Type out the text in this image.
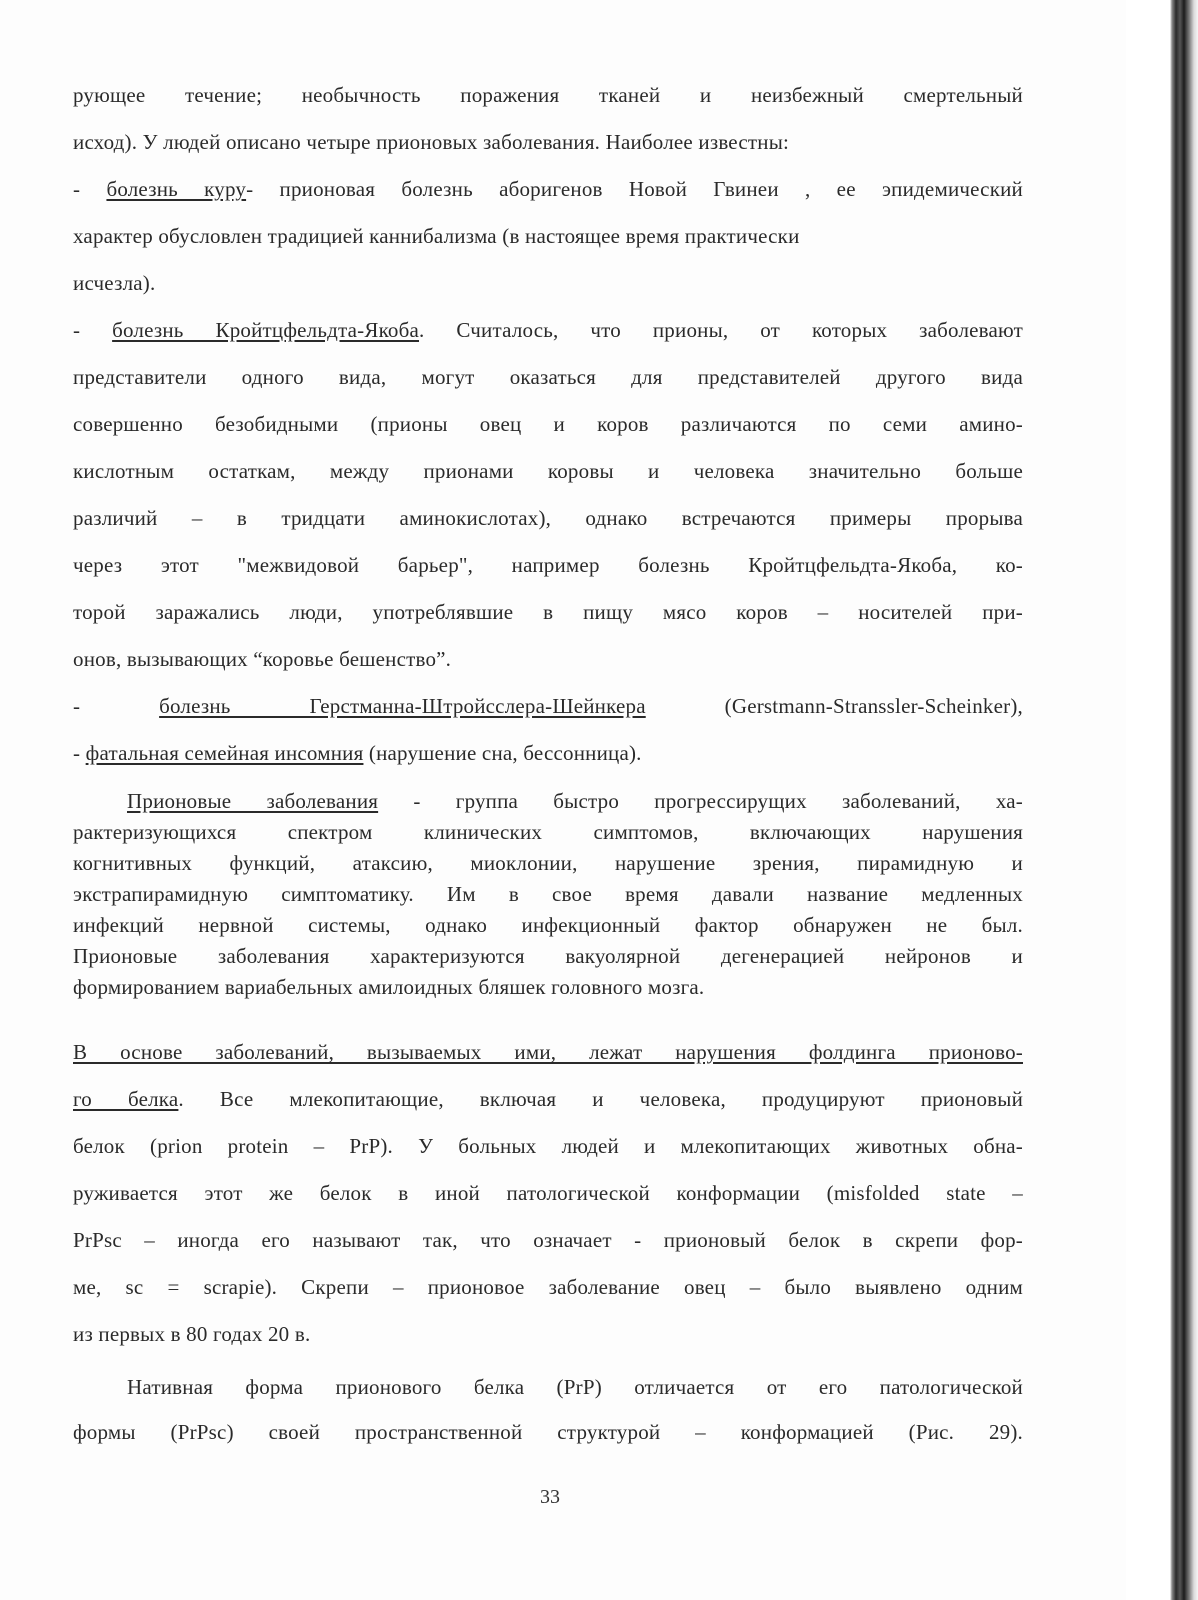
рующее течение; необычность поражения тканей и неизбежный смертельный
исход). У людей описано четыре прионовых заболевания. Наиболее известны:
- болезнь куру- прионовая болезнь аборигенов Новой Гвинеи , ее эпидемический
характер обусловлен традицией каннибализма (в настоящее время практически
исчезла).
- болезнь Кройтцфельдта-Якоба. Считалось, что прионы, от которых заболевают
представители одного вида, могут оказаться для представителей другого вида
совершенно безобидными (прионы овец и коров различаются по семи амино-
кислотным остаткам, между прионами коровы и человека значительно больше
различий – в тридцати аминокислотах), однако встречаются примеры прорыва
через этот "межвидовой барьер", например болезнь Кройтцфельдта-Якоба, ко-
торой заражались люди, употреблявшие в пищу мясо коров – носителей при-
онов, вызывающих “коровье бешенство”.
- болезнь Герстманна-Штройсслера-Шейнкера (Gerstmann-Stranssler-Scheinker),
- фатальная семейная инсомния (нарушение сна, бессонница).
Прионовые заболевания - группа быстро прогрессирущих заболеваний, ха-
рактеризующихся спектром клинических симптомов, включающих нарушения
когнитивных функций, атаксию, миоклонии, нарушение зрения, пирамидную и
экстрапирамидную симптоматику. Им в свое время давали название медленных
инфекций нервной системы, однако инфекционный фактор обнаружен не был.
Прионовые заболевания характеризуются вакуолярной дегенерацией нейронов и
формированием вариабельных амилоидных бляшек головного мозга.
В основе заболеваний, вызываемых ими, лежат нарушения фолдинга прионово-
го белка. Все млекопитающие, включая и человека, продуцируют прионовый
белок (prion protein – PrP). У больных людей и млекопитающих животных обна-
руживается этот же белок в иной патологической конформации (misfolded state –
PrPsc – иногда его называют так, что означает - прионовый белок в скрепи фор-
ме, sc = scrapie). Скрепи – прионовое заболевание овец – было выявлено одним
из первых в 80 годах 20 в.
Нативная форма прионового белка (PrP) отличается от его патологической
формы (PrPsc) своей пространственной структурой – конформацией (Рис. 29).
33
